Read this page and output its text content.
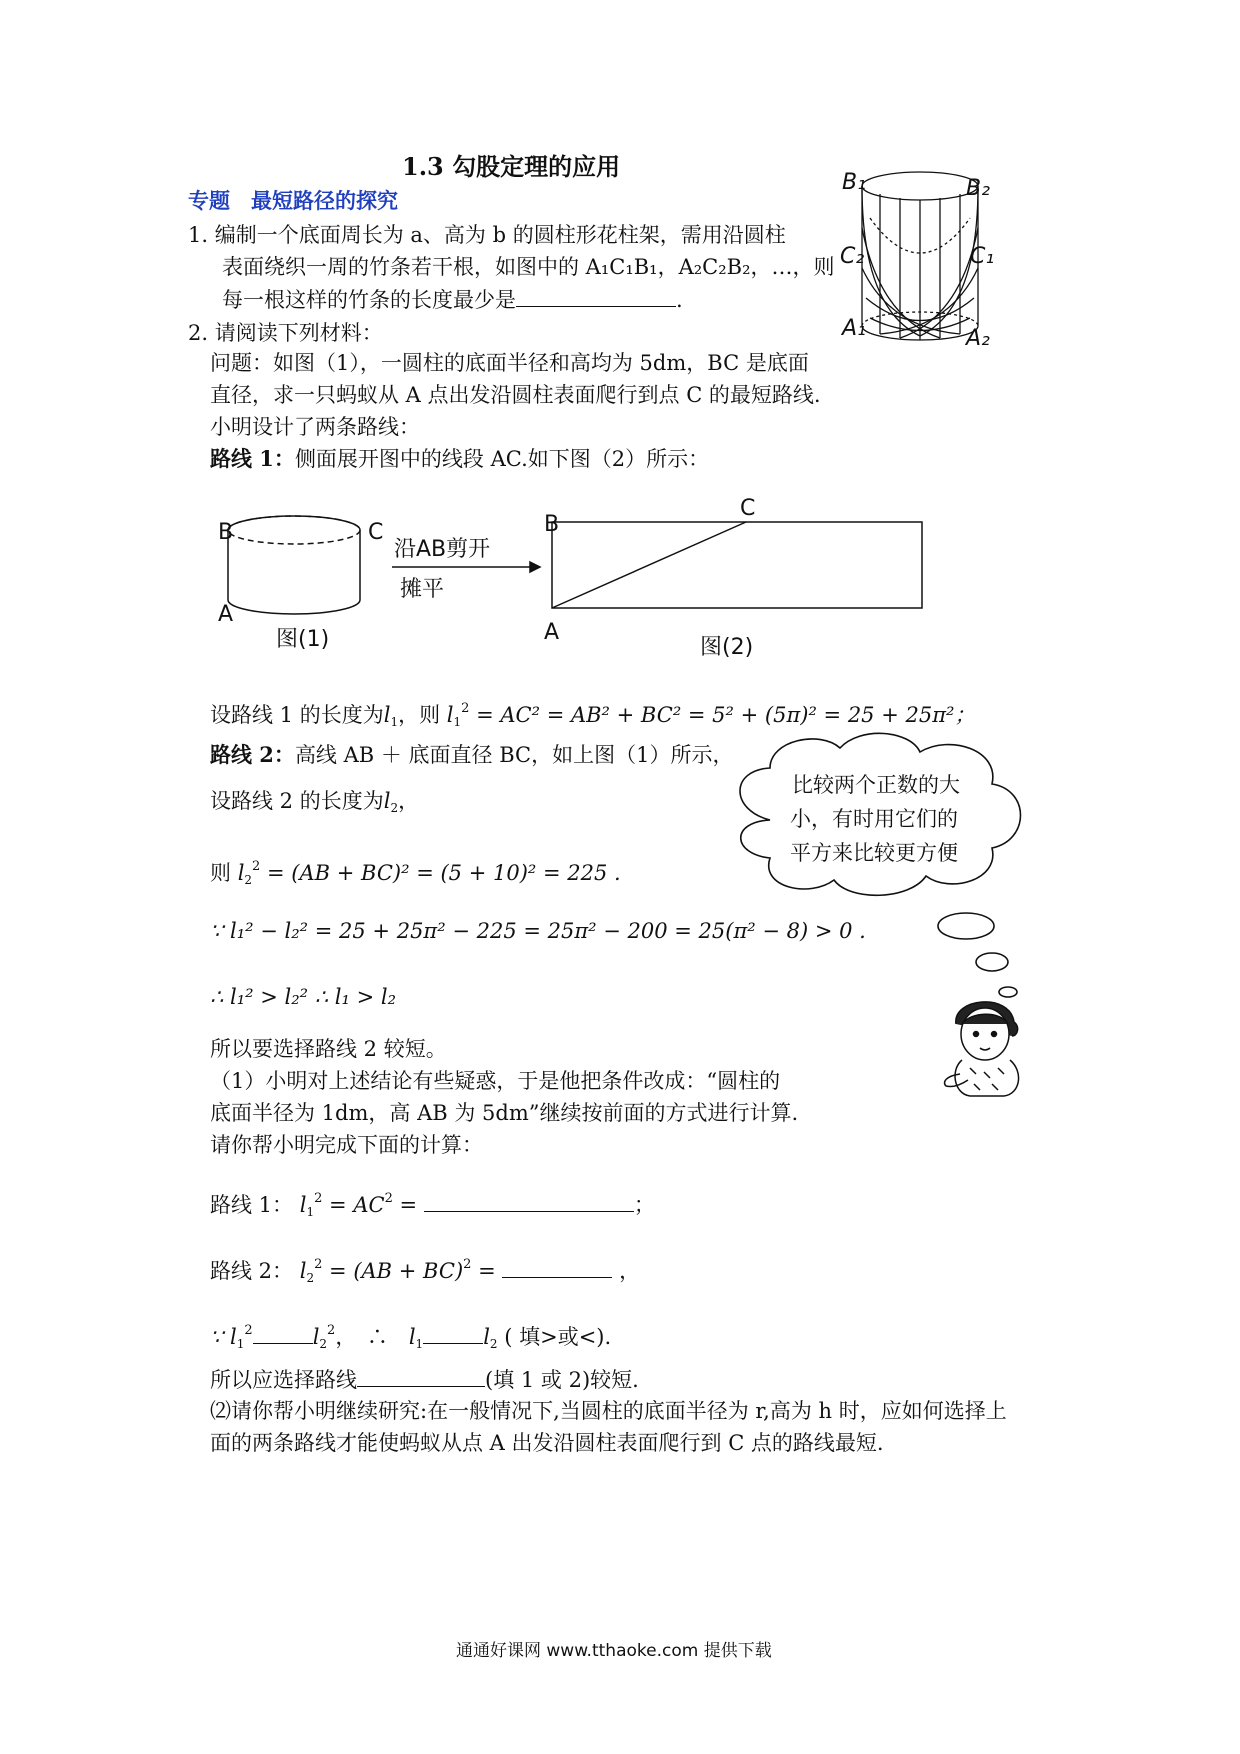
1.3 勾股定理的应用
专题　最短路径的探究
1. 编制一个底面周长为 a、高为 b 的圆柱形花柱架，需用沿圆柱
表面绕织一周的竹条若干根，如图中的 A₁C₁B₁，A₂C₂B₂，…，则
每一根这样的竹条的长度最少是	.
B₁	B₂
C₂	C₁
A₁	A₂
2. 请阅读下列材料：
问题：如图（1），一圆柱的底面半径和高均为 5dm，BC 是底面
直径，求一只蚂蚁从 A 点出发沿圆柱表面爬行到点 C 的最短路线.
小明设计了两条路线：
路线 1：侧面展开图中的线段 AC.如下图（2）所示：
B	C
A
图(1)
沿AB剪开
摊平
B
C
A
图(2)
设路线 1 的长度为$l_1$，则 $l_1^2 = AC^2 = AB^2 + BC^2 = 5^2 + (5\pi)^2 = 25 + 25\pi^2$；
路线 2：高线 AB ＋ 底面直径 BC，如上图（1）所示，
设路线 2 的长度为$l_2$，
则 $l_2^2 = (AB + BC)^2 = (5 + 10)^2 = 225$ .
∵ l₁² − l₂² = 25 + 25π² − 225 = 25π² − 200 = 25(π² − 8) > 0 .
∴ l₁² > l₂² ∴ l₁ > l₂
所以要选择路线 2 较短。
（1）小明对上述结论有些疑惑，于是他把条件改成：“圆柱的
底面半径为 1dm，高 AB 为 5dm”继续按前面的方式进行计算.
请你帮小明完成下面的计算：
路线 1： $l_1^2 = AC^2$ =	；
路线 2： $l_2^2 = (AB + BC)^2$ =	，
∵ $l_1^2$	$l_2^2$，　∴　$l_1$	$l_2$ ( 填>或<).
所以应选择路线	(填 1 或 2)较短.
⑵请你帮小明继续研究:在一般情况下,当圆柱的底面半径为 r,高为 h 时，应如何选择上
面的两条路线才能使蚂蚁从点 A 出发沿圆柱表面爬行到 C 点的路线最短.
比较两个正数的大
小，有时用它们的
平方来比较更方便
通通好课网 www.tthaoke.com 提供下载
